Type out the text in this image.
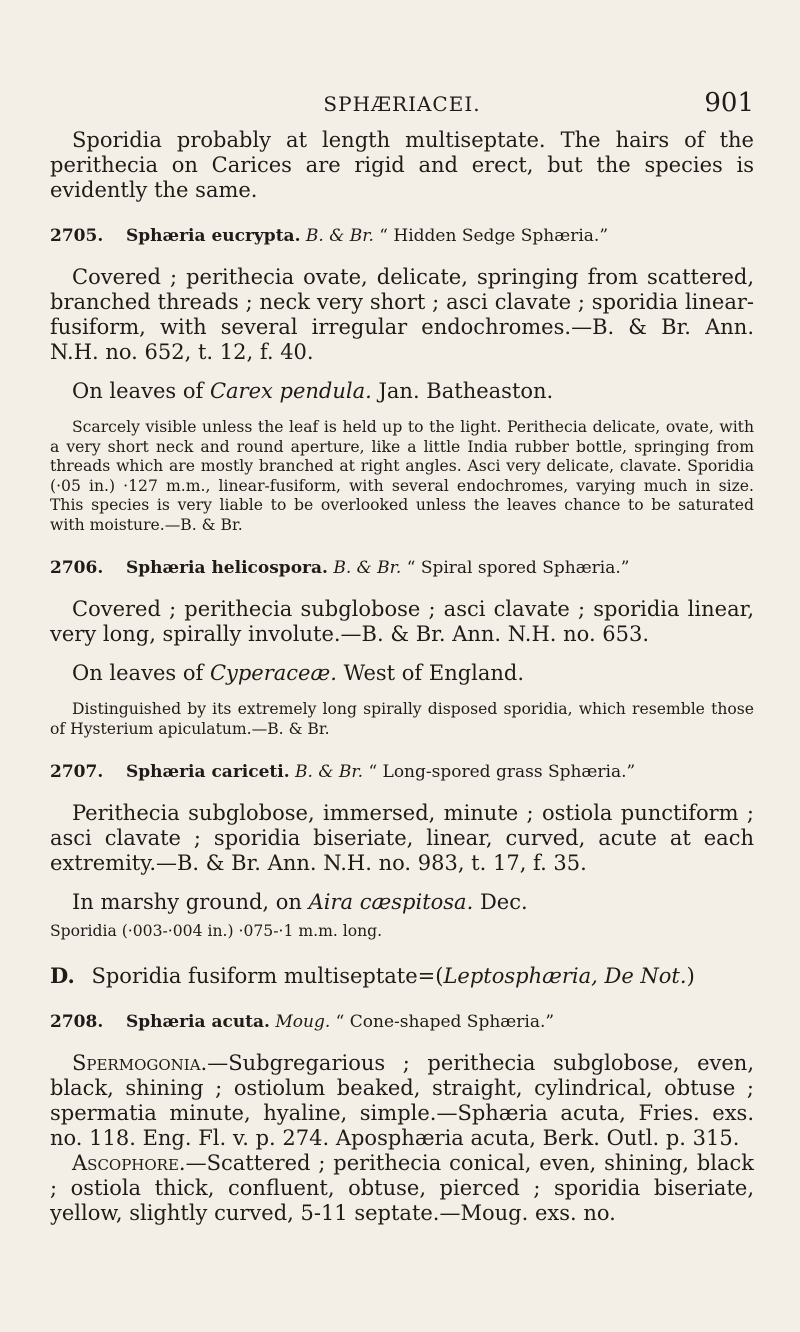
SPHÆRIACEI.	901

Sporidia probably at length multiseptate. The hairs of the perithecia on Carices are rigid and erect, but the species is evidently the same.

2705. Sphæria eucrypta. B. & Br. “ Hidden Sedge Sphæria.”

Covered ; perithecia ovate, delicate, springing from scattered, branched threads ; neck very short ; asci clavate ; sporidia linear-fusiform, with several irregular endochromes.—B. & Br. Ann. N.H. no. 652, t. 12, f. 40.

On leaves of Carex pendula. Jan. Batheaston.

Scarcely visible unless the leaf is held up to the light. Perithecia delicate, ovate, with a very short neck and round aperture, like a little India rubber bottle, springing from threads which are mostly branched at right angles. Asci very delicate, clavate. Sporidia (·05 in.) ·127 m.m., linear-fusiform, with several endochromes, varying much in size. This species is very liable to be overlooked unless the leaves chance to be saturated with moisture.—B. & Br.

2706. Sphæria helicospora. B. & Br. “ Spiral spored Sphæria.”

Covered ; perithecia subglobose ; asci clavate ; sporidia linear, very long, spirally involute.—B. & Br. Ann. N.H. no. 653.

On leaves of Cyperaceæ. West of England.

Distinguished by its extremely long spirally disposed sporidia, which resemble those of Hysterium apiculatum.—B. & Br.

2707. Sphæria cariceti. B. & Br. “ Long-spored grass Sphæria.”

Perithecia subglobose, immersed, minute ; ostiola punctiform ; asci clavate ; sporidia biseriate, linear, curved, acute at each extremity.—B. & Br. Ann. N.H. no. 983, t. 17, f. 35.

In marshy ground, on Aira cæspitosa. Dec.

Sporidia (·003-·004 in.) ·075-·1 m.m. long.

D. Sporidia fusiform multiseptate=(Leptosphæria, De Not.)

2708. Sphæria acuta. Moug. “ Cone-shaped Sphæria.”

Spermogonia.—Subgregarious ; perithecia subglobose, even, black, shining ; ostiolum beaked, straight, cylindrical, obtuse ; spermatia minute, hyaline, simple.—Sphæria acuta, Fries. exs. no. 118. Eng. Fl. v. p. 274. Aposphæria acuta, Berk. Outl. p. 315.

Ascophore.—Scattered ; perithecia conical, even, shining, black ; ostiola thick, confluent, obtuse, pierced ; sporidia biseriate, yellow, slightly curved, 5-11 septate.—Moug. exs. no.
